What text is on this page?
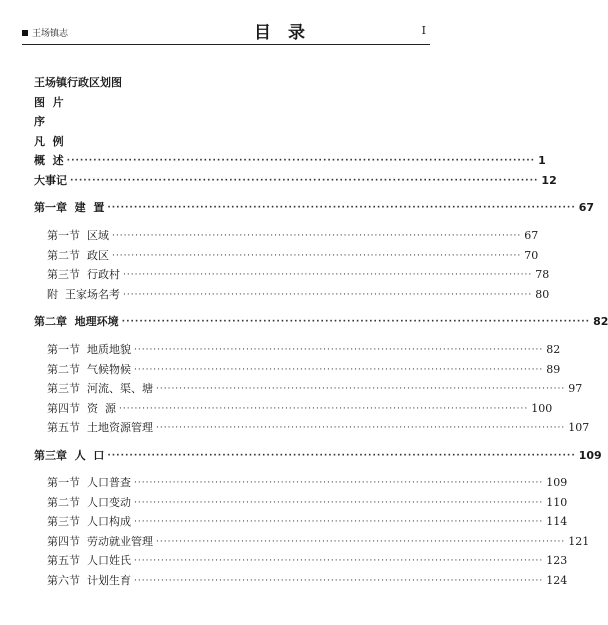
王场镇志	目录	I
王场镇行政区划图
图  片
序
凡  例
概  述 ·········································································································· 1
大事记 ·········································································································· 12
第一章  建  置 ·········································································································· 67
第一节  区域 ·········································································································· 67
第二节  政区 ·········································································································· 70
第三节  行政村 ·········································································································· 78
附  王家场名考 ·········································································································· 80
第二章  地理环境 ·········································································································· 82
第一节  地质地貌 ·········································································································· 82
第二节  气候物候 ·········································································································· 89
第三节  河流、渠、塘 ·········································································································· 97
第四节  资  源 ·········································································································· 100
第五节  土地资源管理 ·········································································································· 107
第三章  人  口 ·········································································································· 109
第一节  人口普查 ·········································································································· 109
第二节  人口变动 ·········································································································· 110
第三节  人口构成 ·········································································································· 114
第四节  劳动就业管理 ·········································································································· 121
第五节  人口姓氏 ·········································································································· 123
第六节  计划生育 ·········································································································· 124
